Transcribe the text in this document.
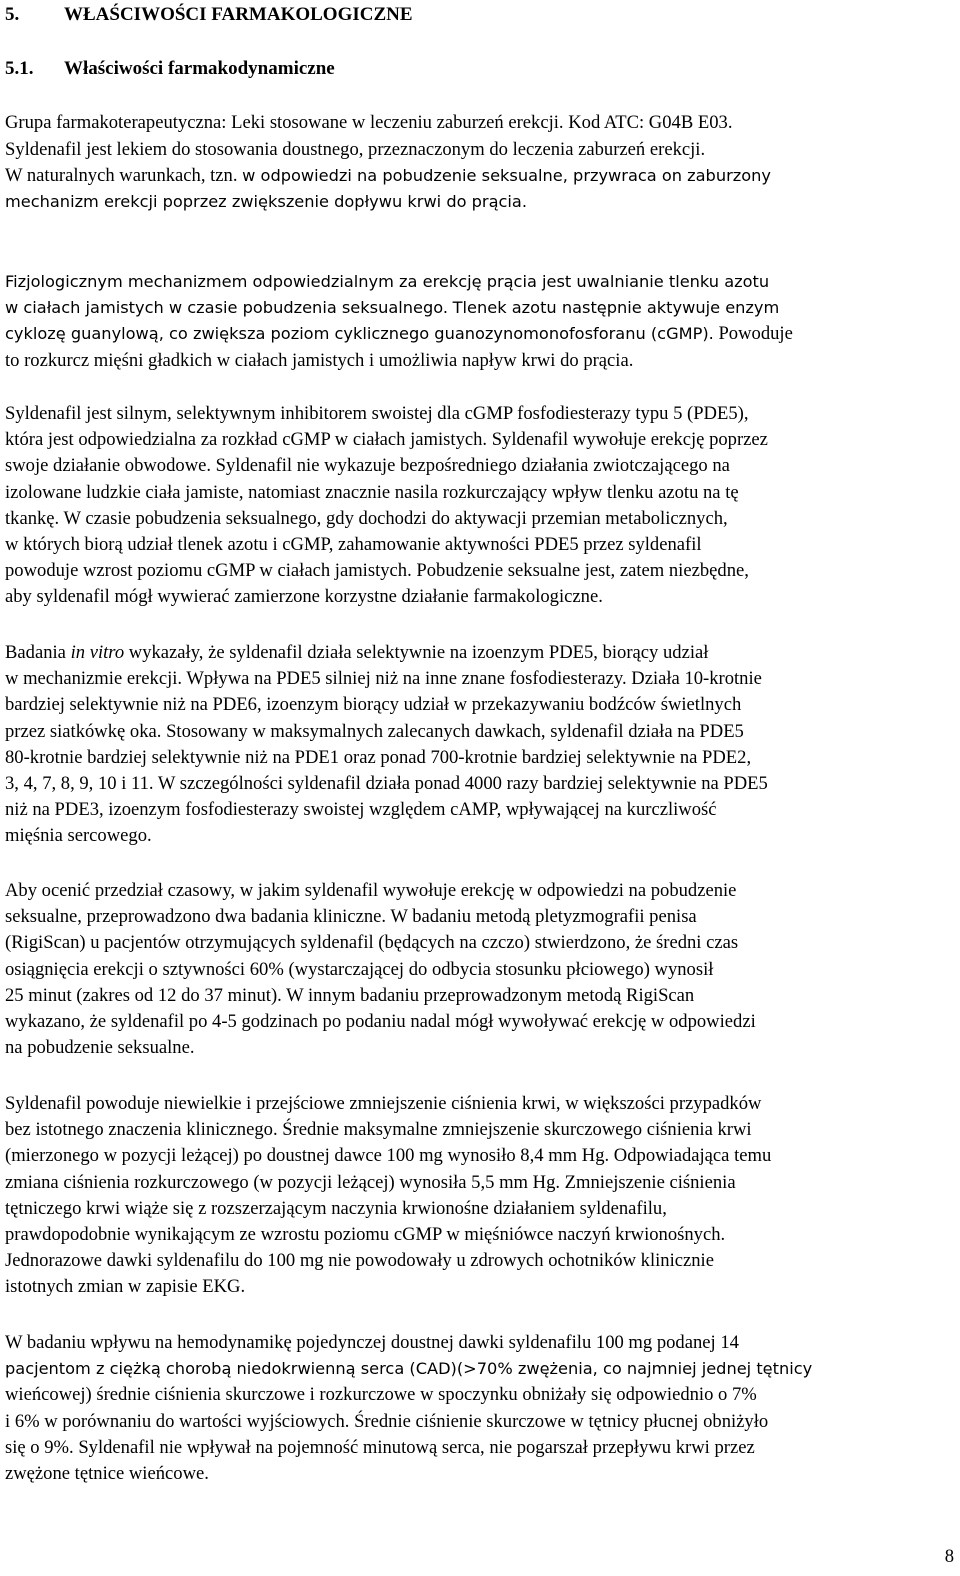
5. WŁAŚCIWOŚCI FARMAKOLOGICZNE
5.1. Właściwości farmakodynamiczne

Grupa farmakoterapeutyczna: Leki stosowane w leczeniu zaburzeń erekcji. Kod ATC: G04B E03.

Syldenafil jest lekiem do stosowania doustnego, przeznaczonym do leczenia zaburzeń erekcji.
W naturalnych warunkach, tzn. w odpowiedzi na pobudzenie seksualne, przywraca on zaburzony
mechanizm erekcji poprzez zwiększenie dopływu krwi do prącia.

Fizjologicznym mechanizmem odpowiedzialnym za erekcję prącia jest uwalnianie tlenku azotu
w ciałach jamistych w czasie pobudzenia seksualnego. Tlenek azotu następnie aktywuje enzym
cyklozę guanylową, co zwiększa poziom cyklicznego guanozynomonofosforanu (cGMP). Powoduje
to rozkurcz mięśni gładkich w ciałach jamistych i umożliwia napływ krwi do prącia.

Syldenafil jest silnym, selektywnym inhibitorem swoistej dla cGMP fosfodiesterazy typu 5 (PDE5),
która jest odpowiedzialna za rozkład cGMP w ciałach jamistych. Syldenafil wywołuje erekcję poprzez
swoje działanie obwodowe. Syldenafil nie wykazuje bezpośredniego działania zwiotczającego na
izolowane ludzkie ciała jamiste, natomiast znacznie nasila rozkurczający wpływ tlenku azotu na tę
tkankę. W czasie pobudzenia seksualnego, gdy dochodzi do aktywacji przemian metabolicznych,
w których biorą udział tlenek azotu i cGMP, zahamowanie aktywności PDE5 przez syldenafil
powoduje wzrost poziomu cGMP w ciałach jamistych. Pobudzenie seksualne jest, zatem niezbędne,
aby syldenafil mógł wywierać zamierzone korzystne działanie farmakologiczne.

Badania in vitro wykazały, że syldenafil działa selektywnie na izoenzym PDE5, biorący udział
w mechanizmie erekcji. Wpływa na PDE5 silniej niż na inne znane fosfodiesterazy. Działa 10-krotnie
bardziej selektywnie niż na PDE6, izoenzym biorący udział w przekazywaniu bodźców świetlnych
przez siatkówkę oka. Stosowany w maksymalnych zalecanych dawkach, syldenafil działa na PDE5
80-krotnie bardziej selektywnie niż na PDE1 oraz ponad 700-krotnie bardziej selektywnie na PDE2,
3, 4, 7, 8, 9, 10 i 11. W szczególności syldenafil działa ponad 4000 razy bardziej selektywnie na PDE5
niż na PDE3, izoenzym fosfodiesterazy swoistej względem cAMP, wpływającej na kurczliwość
mięśnia sercowego.

Aby ocenić przedział czasowy, w jakim syldenafil wywołuje erekcję w odpowiedzi na pobudzenie
seksualne, przeprowadzono dwa badania kliniczne. W badaniu metodą pletyzmografii penisa
(RigiScan) u pacjentów otrzymujących syldenafil (będących na czczo) stwierdzono, że średni czas
osiągnięcia erekcji o sztywności 60% (wystarczającej do odbycia stosunku płciowego) wynosił
25 minut (zakres od 12 do 37 minut). W innym badaniu przeprowadzonym metodą RigiScan
wykazano, że syldenafil po 4-5 godzinach po podaniu nadal mógł wywoływać erekcję w odpowiedzi
na pobudzenie seksualne.

Syldenafil powoduje niewielkie i przejściowe zmniejszenie ciśnienia krwi, w większości przypadków
bez istotnego znaczenia klinicznego. Średnie maksymalne zmniejszenie skurczowego ciśnienia krwi
(mierzonego w pozycji leżącej) po doustnej dawce 100 mg wynosiło 8,4 mm Hg. Odpowiadająca temu
zmiana ciśnienia rozkurczowego (w pozycji leżącej) wynosiła 5,5 mm Hg. Zmniejszenie ciśnienia
tętniczego krwi wiąże się z rozszerzającym naczynia krwionośne działaniem syldenafilu,
prawdopodobnie wynikającym ze wzrostu poziomu cGMP w mięśniówce naczyń krwionośnych.
Jednorazowe dawki syldenafilu do 100 mg nie powodowały u zdrowych ochotników klinicznie
istotnych zmian w zapisie EKG.

W badaniu wpływu na hemodynamikę pojedynczej doustnej dawki syldenafilu 100 mg podanej 14
pacjentom z ciężką chorobą niedokrwienną serca (CAD)(>70% zwężenia, co najmniej jednej tętnicy
wieńcowej) średnie ciśnienia skurczowe i rozkurczowe w spoczynku obniżały się odpowiednio o 7%
i 6% w porównaniu do wartości wyjściowych. Średnie ciśnienie skurczowe w tętnicy płucnej obniżyło
się o 9%. Syldenafil nie wpływał na pojemność minutową serca, nie pogarszał przepływu krwi przez
zwężone tętnice wieńcowe.

8
